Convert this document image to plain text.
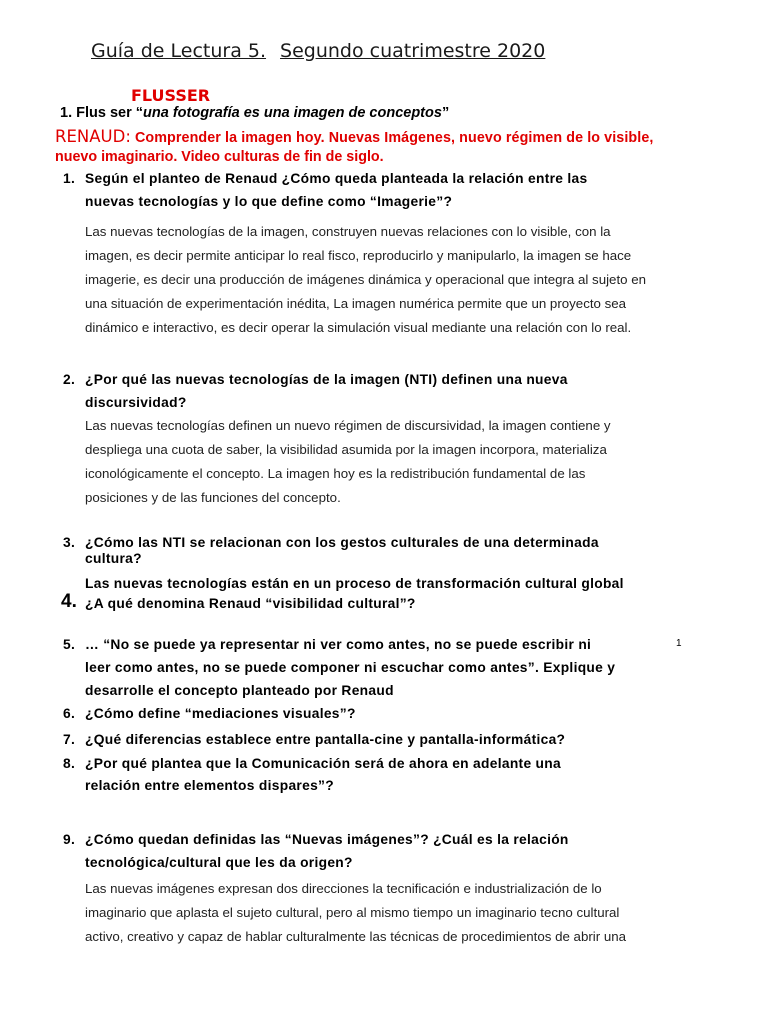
Guía de Lectura 5. Segundo cuatrimestre 2020
FLUSSER
1. Flus ser “una fotografía es una imagen de conceptos”
RENAUD: Comprender la imagen hoy. Nuevas Imágenes, nuevo régimen de lo visible,
nuevo imaginario. Video culturas de fin de siglo.
1. Según el planteo de Renaud ¿Cómo queda planteada la relación entre las
nuevas tecnologías y lo que define como “Imagerie”?
Las nuevas tecnologías de la imagen, construyen nuevas relaciones con lo visible, con la
imagen, es decir permite anticipar lo real fisco, reproducirlo y manipularlo, la imagen se hace
imagerie, es decir una producción de imágenes dinámica y operacional que integra al sujeto en
una situación de experimentación inédita, La imagen numérica permite que un proyecto sea
dinámico e interactivo, es decir operar la simulación visual mediante una relación con lo real.
2. ¿Por qué las nuevas tecnologías de la imagen (NTI) definen una nueva
discursividad?
Las nuevas tecnologías definen un nuevo régimen de discursividad, la imagen contiene y
despliega una cuota de saber, la visibilidad asumida por la imagen incorpora, materializa
iconológicamente el concepto. La imagen hoy es la redistribución fundamental de las
posiciones y de las funciones del concepto.
3. ¿Cómo las NTI se relacionan con los gestos culturales de una determinada
cultura?
Las nuevas tecnologías están en un proceso de transformación cultural global
4. ¿A qué denomina Renaud “visibilidad cultural”?
5. … “No se puede ya representar ni ver como antes, no se puede escribir ni	1
leer como antes, no se puede componer ni escuchar como antes”. Explique y
desarrolle el concepto planteado por Renaud
6. ¿Cómo define “mediaciones visuales”?
7. ¿Qué diferencias establece entre pantalla-cine y pantalla-informática?
8. ¿Por qué plantea que la Comunicación será de ahora en adelante una
relación entre elementos dispares”?
9. ¿Cómo quedan definidas las “Nuevas imágenes”? ¿Cuál es la relación
tecnológica/cultural que les da origen?
Las nuevas imágenes expresan dos direcciones la tecnificación e industrialización de lo
imaginario que aplasta el sujeto cultural, pero al mismo tiempo un imaginario tecno cultural
activo, creativo y capaz de hablar culturalmente las técnicas de procedimientos de abrir una
